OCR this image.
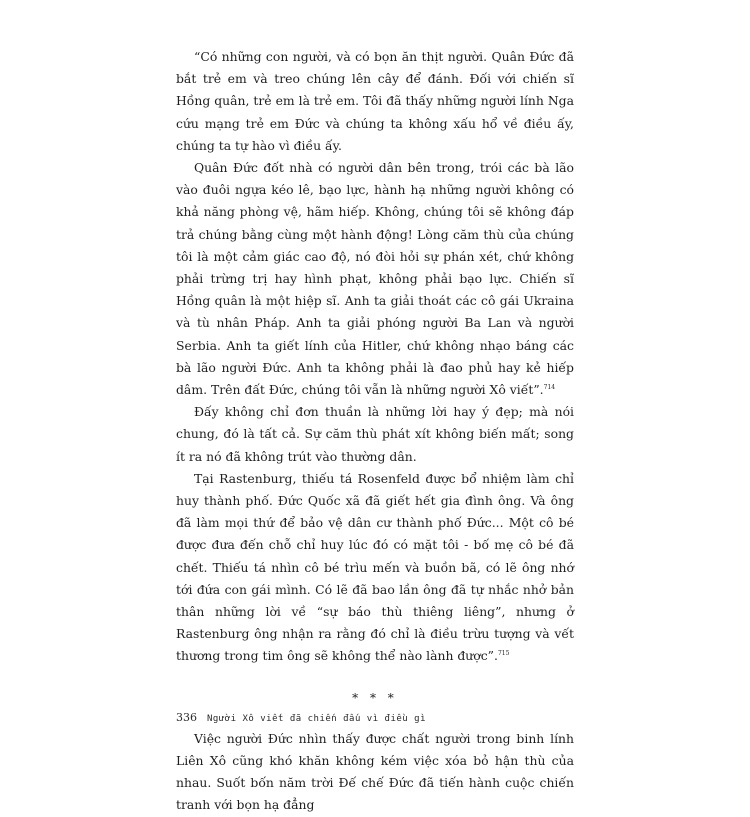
“Có những con người, và có bọn ăn thịt người. Quân Đức đã bắt trẻ em và treo chúng lên cây để đánh. Đối với chiến sĩ Hồng quân, trẻ em là trẻ em. Tôi đã thấy những người lính Nga cứu mạng trẻ em Đức và chúng ta không xấu hổ về điều ấy, chúng ta tự hào vì điều ấy.

Quân Đức đốt nhà có người dân bên trong, trói các bà lão vào đuôi ngựa kéo lê, bạo lực, hành hạ những người không có khả năng phòng vệ, hãm hiếp. Không, chúng tôi sẽ không đáp trả chúng bằng cùng một hành động! Lòng căm thù của chúng tôi là một cảm giác cao độ, nó đòi hỏi sự phán xét, chứ không phải trừng trị hay hình phạt, không phải bạo lực. Chiến sĩ Hồng quân là một hiệp sĩ. Anh ta giải thoát các cô gái Ukraina và tù nhân Pháp. Anh ta giải phóng người Ba Lan và người Serbia. Anh ta giết lính của Hitler, chứ không nhạo báng các bà lão người Đức. Anh ta không phải là đao phủ hay kẻ hiếp dâm. Trên đất Đức, chúng tôi vẫn là những người Xô viết”.$^{714}$

Đấy không chỉ đơn thuần là những lời hay ý đẹp; mà nói chung, đó là tất cả. Sự căm thù phát xít không biến mất; song ít ra nó đã không trút vào thường dân.

Tại Rastenburg, thiếu tá Rosenfeld được bổ nhiệm làm chỉ huy thành phố. Đức Quốc xã đã giết hết gia đình ông. Và ông đã làm mọi thứ để bảo vệ dân cư thành phố Đức... Một cô bé được đưa đến chỗ chỉ huy lúc đó có mặt tôi - bố mẹ cô bé đã chết. Thiếu tá nhìn cô bé trìu mến và buồn bã, có lẽ ông nhớ tới đứa con gái mình. Có lẽ đã bao lần ông đã tự nhắc nhở bản thân những lời về “sự báo thù thiêng liêng”, nhưng ở Rastenburg ông nhận ra rằng đó chỉ là điều trừu tượng và vết thương trong tim ông sẽ không thể nào lành được”.$^{715}$

* * *

Việc người Đức nhìn thấy được chất người trong binh lính Liên Xô cũng khó khăn không kém việc xóa bỏ hận thù của nhau. Suốt bốn năm trời Đế chế Đức đã tiến hành cuộc chiến tranh với bọn hạ đẳng

336 Người Xô viết đã chiến đấu vì điều gì
